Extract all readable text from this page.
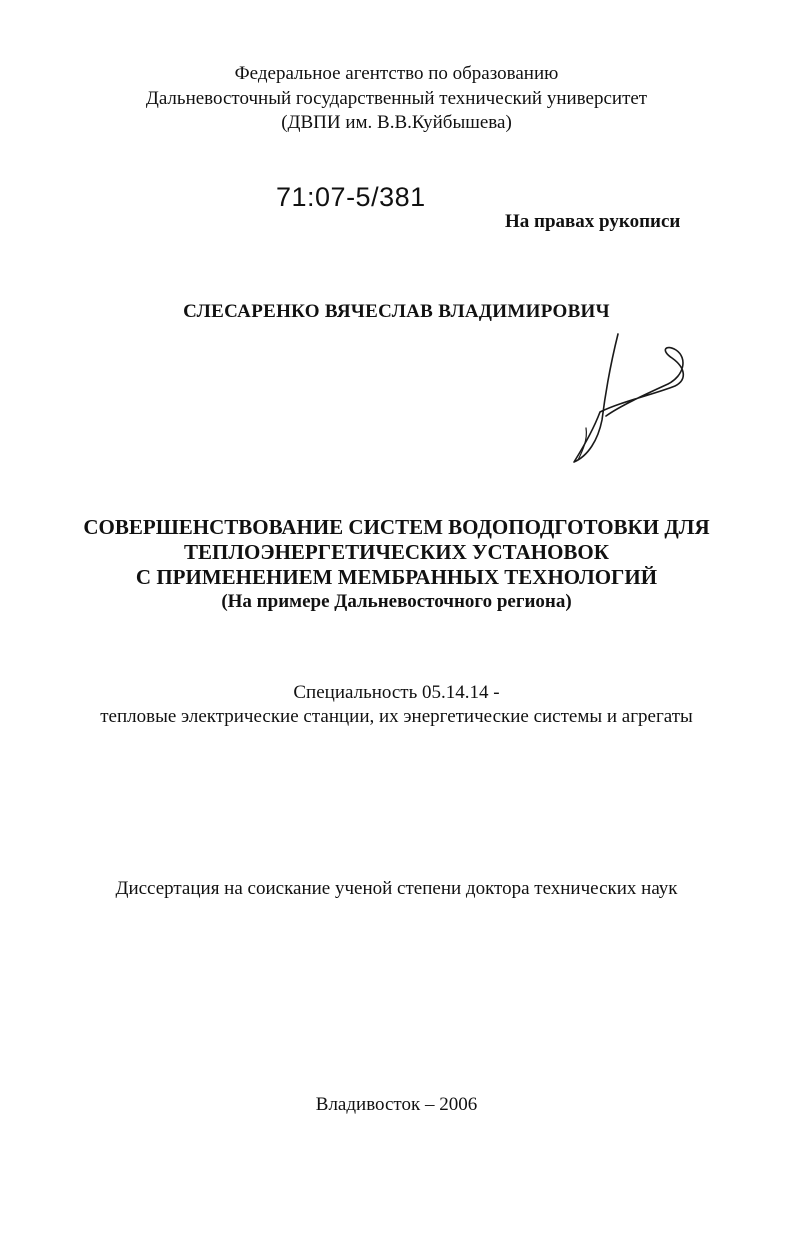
Федеральное агентство по образованию
Дальневосточный государственный технический университет
(ДВПИ им. В.В.Куйбышева)
71:07-5/381
На правах рукописи
СЛЕСАРЕНКО ВЯЧЕСЛАВ ВЛАДИМИРОВИЧ
СОВЕРШЕНСТВОВАНИЕ СИСТЕМ ВОДОПОДГОТОВКИ ДЛЯ
ТЕПЛОЭНЕРГЕТИЧЕСКИХ УСТАНОВОК
С ПРИМЕНЕНИЕМ МЕМБРАННЫХ ТЕХНОЛОГИЙ
(На примере Дальневосточного региона)
Специальность 05.14.14 -
тепловые электрические станции, их энергетические системы и агрегаты
Диссертация на соискание ученой степени доктора технических наук
Владивосток – 2006
